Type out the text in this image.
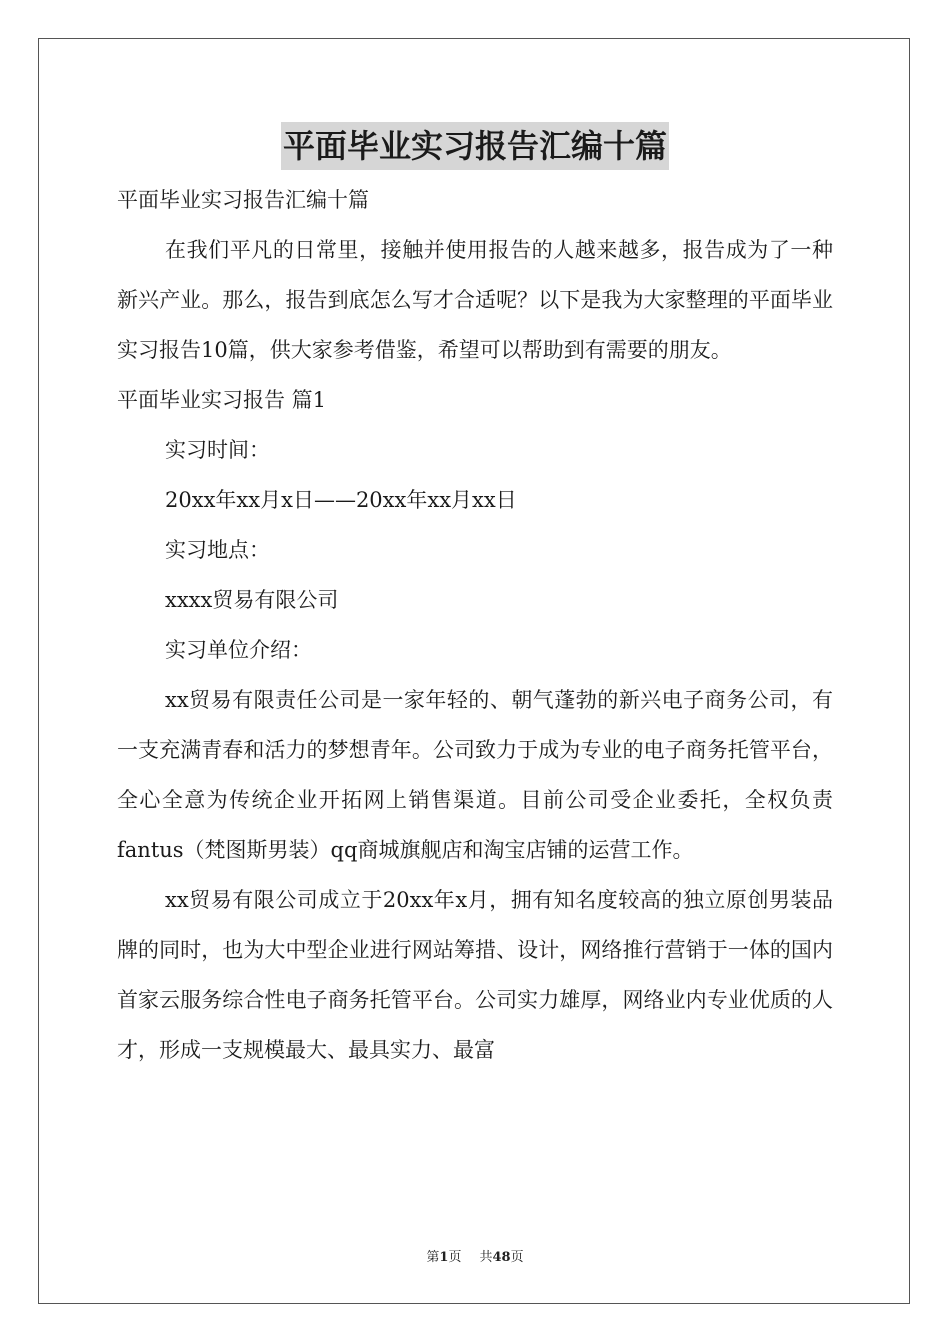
平面毕业实习报告汇编十篇

平面毕业实习报告汇编十篇

在我们平凡的日常里，接触并使用报告的人越来越多，报告成为了一种新兴产业。那么，报告到底怎么写才合适呢？以下是我为大家整理的平面毕业实习报告10篇，供大家参考借鉴，希望可以帮助到有需要的朋友。

平面毕业实习报告 篇1

实习时间：

20xx年xx月x日——20xx年xx月xx日

实习地点：

xxxx贸易有限公司

实习单位介绍：

xx贸易有限责任公司是一家年轻的、朝气蓬勃的新兴电子商务公司，有一支充满青春和活力的梦想青年。公司致力于成为专业的电子商务托管平台，全心全意为传统企业开拓网上销售渠道。目前公司受企业委托，全权负责fantus（梵图斯男装）qq商城旗舰店和淘宝店铺的运营工作。

xx贸易有限公司成立于20xx年x月，拥有知名度较高的独立原创男装品牌的同时，也为大中型企业进行网站筹措、设计，网络推行营销于一体的国内首家云服务综合性电子商务托管平台。公司实力雄厚，网络业内专业优质的人才，形成一支规模最大、最具实力、最富

第1页 共48页
